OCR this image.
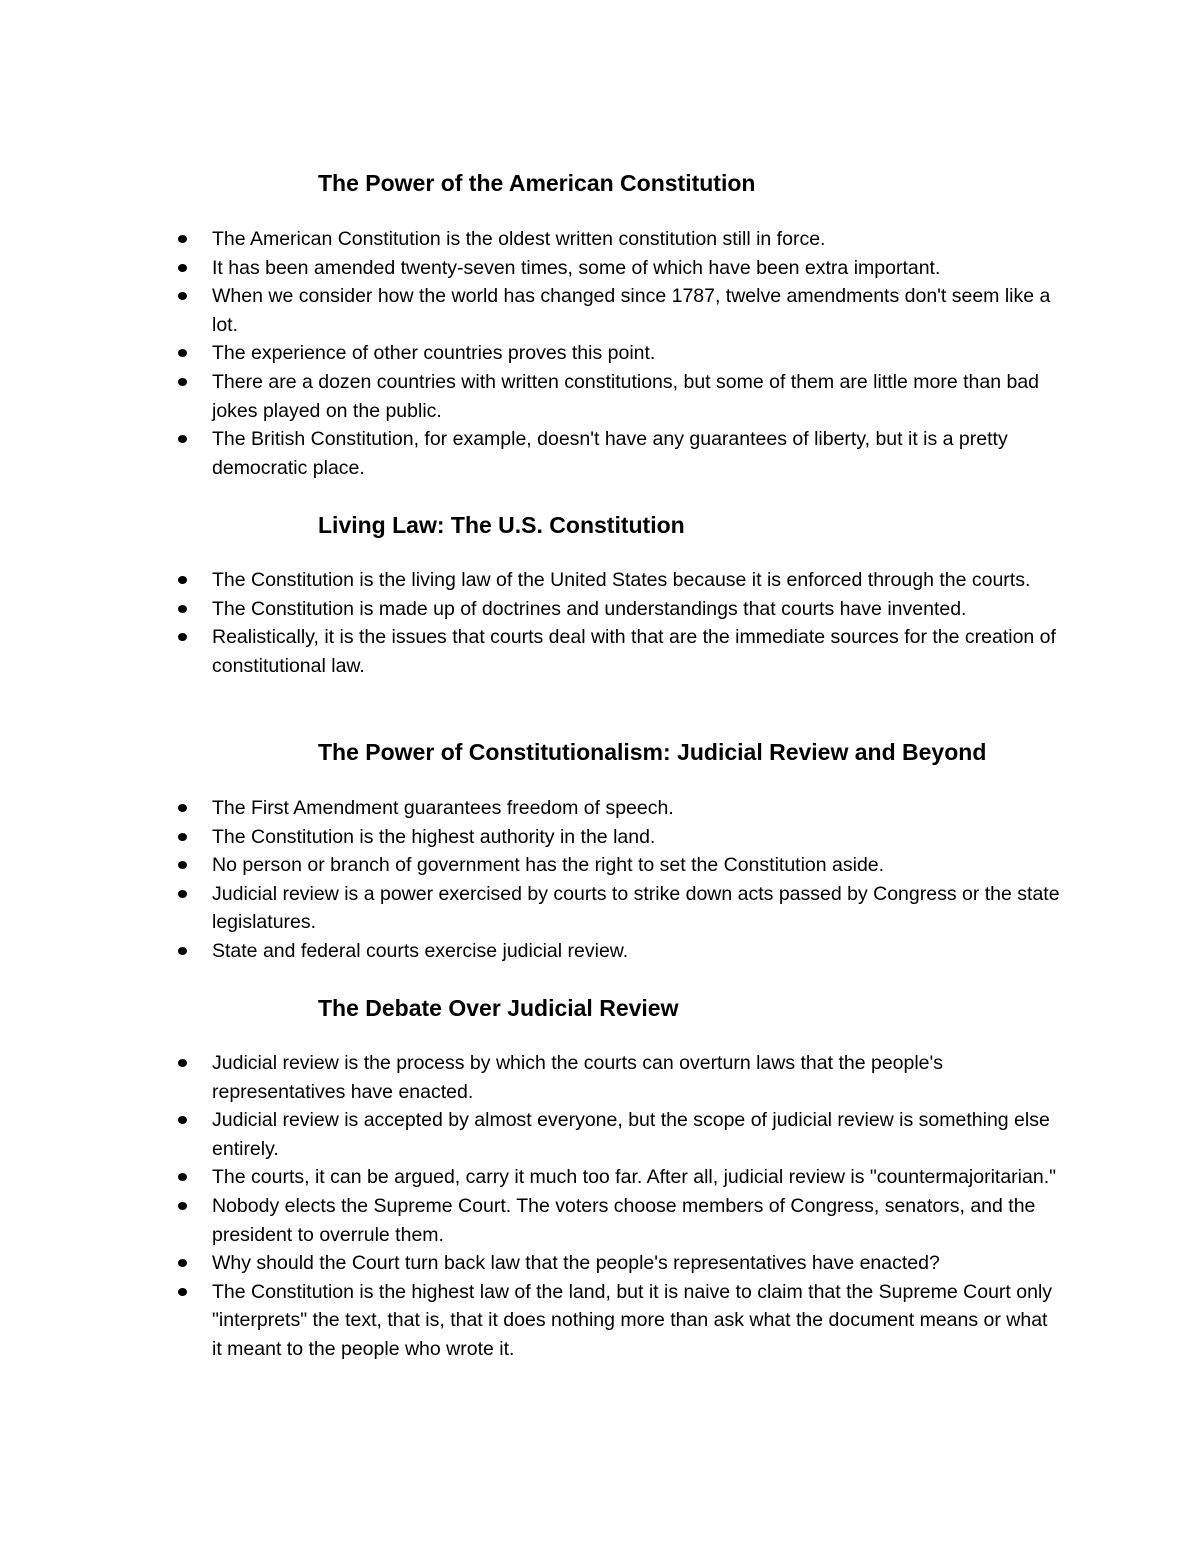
The Power of the American Constitution
The American Constitution is the oldest written constitution still in force.
It has been amended twenty-seven times, some of which have been extra important.
When we consider how the world has changed since 1787, twelve amendments don't seem like a lot.
The experience of other countries proves this point.
There are a dozen countries with written constitutions, but some of them are little more than bad jokes played on the public.
The British Constitution, for example, doesn't have any guarantees of liberty, but it is a pretty democratic place.
Living Law: The U.S. Constitution
The Constitution is the living law of the United States because it is enforced through the courts.
The Constitution is made up of doctrines and understandings that courts have invented.
Realistically, it is the issues that courts deal with that are the immediate sources for the creation of constitutional law.
The Power of Constitutionalism: Judicial Review and Beyond
The First Amendment guarantees freedom of speech.
The Constitution is the highest authority in the land.
No person or branch of government has the right to set the Constitution aside.
Judicial review is a power exercised by courts to strike down acts passed by Congress or the state legislatures.
State and federal courts exercise judicial review.
The Debate Over Judicial Review
Judicial review is the process by which the courts can overturn laws that the people's representatives have enacted.
Judicial review is accepted by almost everyone, but the scope of judicial review is something else entirely.
The courts, it can be argued, carry it much too far. After all, judicial review is "countermajoritarian."
Nobody elects the Supreme Court. The voters choose members of Congress, senators, and the president to overrule them.
Why should the Court turn back law that the people's representatives have enacted?
The Constitution is the highest law of the land, but it is naive to claim that the Supreme Court only "interprets" the text, that is, that it does nothing more than ask what the document means or what it meant to the people who wrote it.
